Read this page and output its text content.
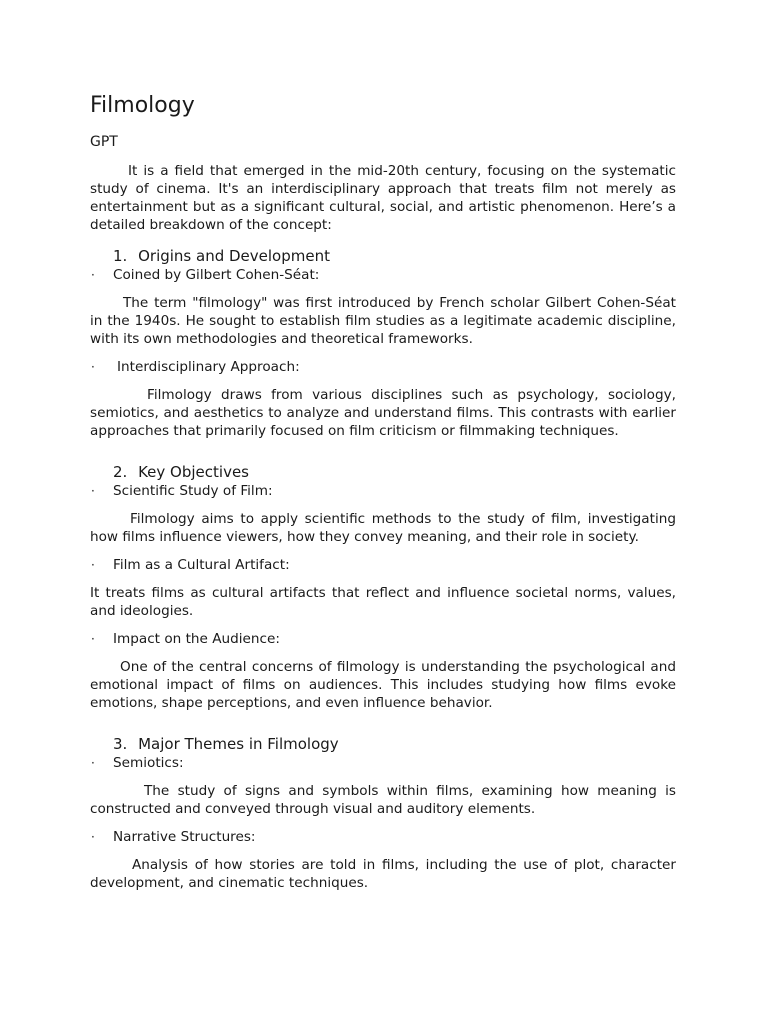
Filmology
GPT

It is a field that emerged in the mid-20th century, focusing on the systematic study of cinema. It's an interdisciplinary approach that treats film not merely as entertainment but as a significant cultural, social, and artistic phenomenon. Here’s a detailed breakdown of the concept:

1. Origins and Development
·	Coined by Gilbert Cohen-Séat:

The term "filmology" was first introduced by French scholar Gilbert Cohen-Séat in the 1940s. He sought to establish film studies as a legitimate academic discipline, with its own methodologies and theoretical frameworks.

·	Interdisciplinary Approach:

Filmology draws from various disciplines such as psychology, sociology, semiotics, and aesthetics to analyze and understand films. This contrasts with earlier approaches that primarily focused on film criticism or filmmaking techniques.

2. Key Objectives
·	Scientific Study of Film:

Filmology aims to apply scientific methods to the study of film, investigating how films influence viewers, how they convey meaning, and their role in society.

·	Film as a Cultural Artifact:

It treats films as cultural artifacts that reflect and influence societal norms, values, and ideologies.

·	Impact on the Audience:

One of the central concerns of filmology is understanding the psychological and emotional impact of films on audiences. This includes studying how films evoke emotions, shape perceptions, and even influence behavior.

3. Major Themes in Filmology
·	Semiotics:

The study of signs and symbols within films, examining how meaning is constructed and conveyed through visual and auditory elements.

·	Narrative Structures:

Analysis of how stories are told in films, including the use of plot, character development, and cinematic techniques.
